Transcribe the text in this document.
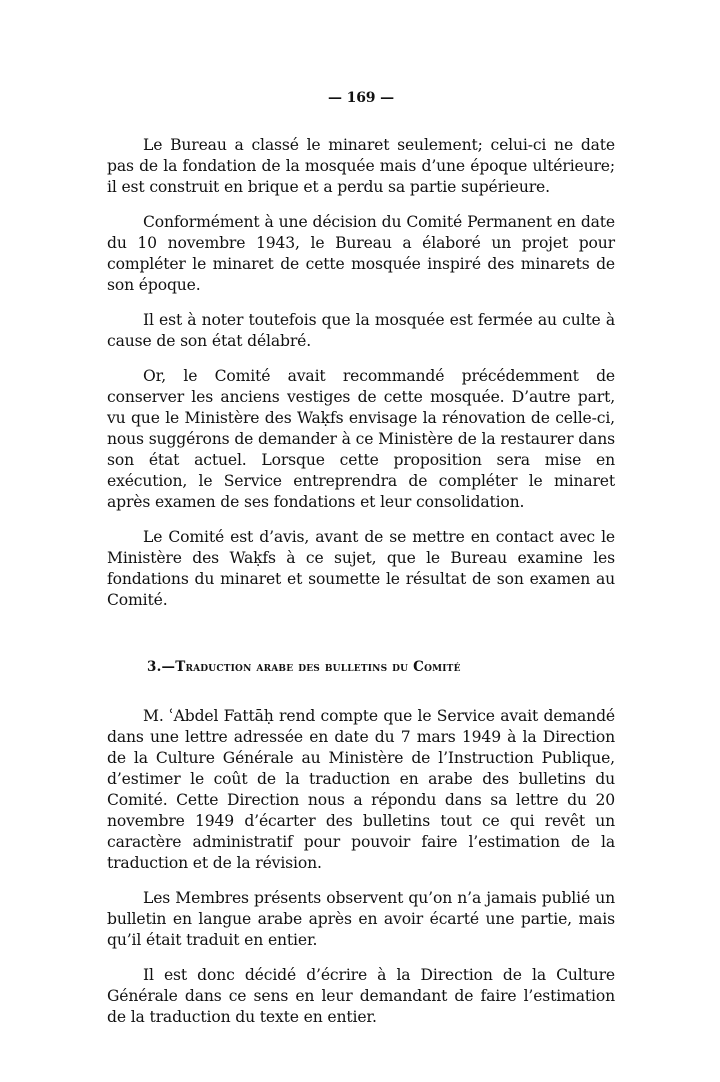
— 169 —

Le Bureau a classé le minaret seulement; celui-ci ne date pas de la fondation de la mosquée mais d’une époque ultérieure; il est construit en brique et a perdu sa partie supérieure.

Conformément à une décision du Comité Permanent en date du 10 novembre 1943, le Bureau a élaboré un projet pour compléter le minaret de cette mosquée inspiré des minarets de son époque.

Il est à noter toutefois que la mosquée est fermée au culte à cause de son état délabré.

Or, le Comité avait recommandé précédemment de conserver les anciens vestiges de cette mosquée. D’autre part, vu que le Ministère des Waḳfs envisage la rénovation de celle-ci, nous suggérons de demander à ce Ministère de la restaurer dans son état actuel. Lorsque cette proposition sera mise en exécution, le Service entreprendra de compléter le minaret après examen de ses fondations et leur consolidation.

Le Comité est d’avis, avant de se mettre en contact avec le Ministère des Waḳfs à ce sujet, que le Bureau examine les fondations du minaret et soumette le résultat de son examen au Comité.

3.—Traduction arabe des bulletins du Comité

M. ʿAbdel Fattāḥ rend compte que le Service avait demandé dans une lettre adressée en date du 7 mars 1949 à la Direction de la Culture Générale au Ministère de l’Instruction Publique, d’estimer le coût de la traduction en arabe des bulletins du Comité. Cette Direction nous a répondu dans sa lettre du 20 novembre 1949 d’écarter des bulletins tout ce qui revêt un caractère administratif pour pouvoir faire l’estimation de la traduction et de la révision.

Les Membres présents observent qu’on n’a jamais publié un bulletin en langue arabe après en avoir écarté une partie, mais qu’il était traduit en entier.

Il est donc décidé d’écrire à la Direction de la Culture Générale dans ce sens en leur demandant de faire l’estimation de la traduction du texte en entier.
